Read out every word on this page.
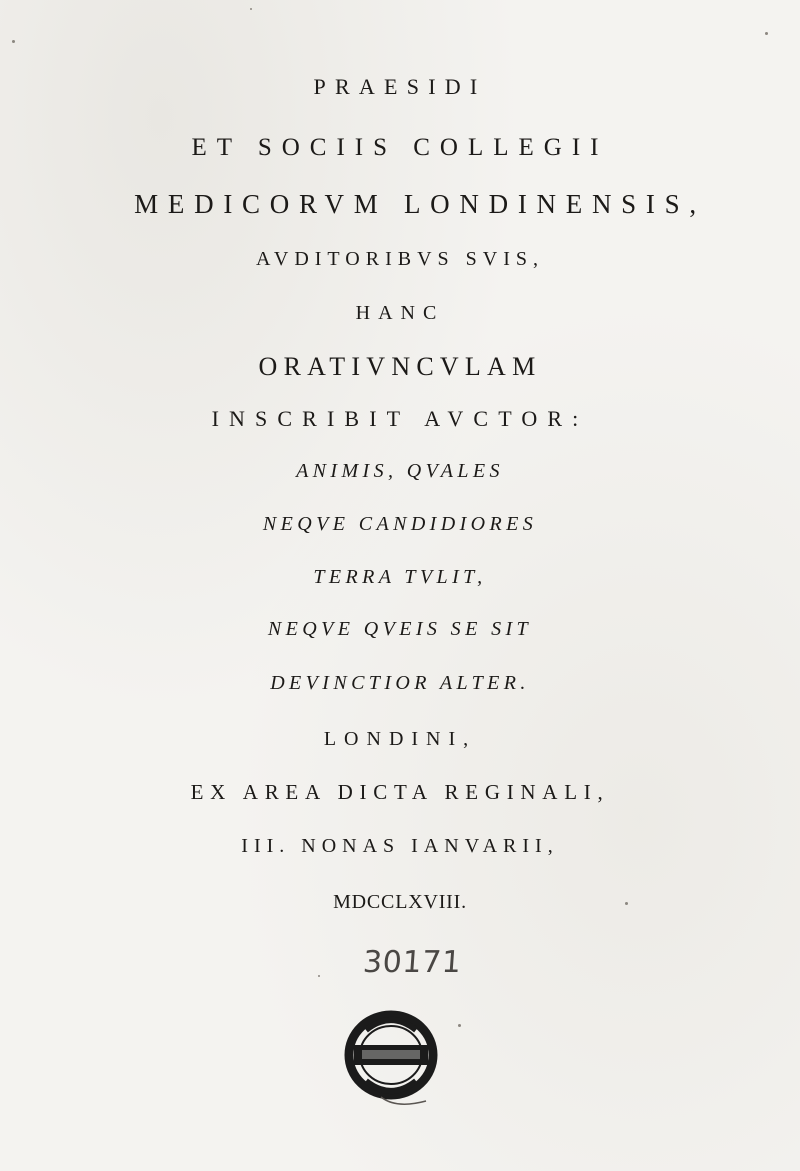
PRAESIDI
ET SOCIIS COLLEGII
MEDICORVM LONDINENSIS,
AVDITORIBVS SVIS,
HANC
ORATIVNCVLAM
INSCRIBIT AVCTOR:
ANIMIS, QVALES
NEQVE CANDIDIORES
TERRA TVLIT,
NEQVE QVEIS SE SIT
DEVINCTIOR ALTER.
LONDINI,
EX AREA DICTA REGINALI,
III. NONAS IANVARII,
MDCCLXVIII.
30171
